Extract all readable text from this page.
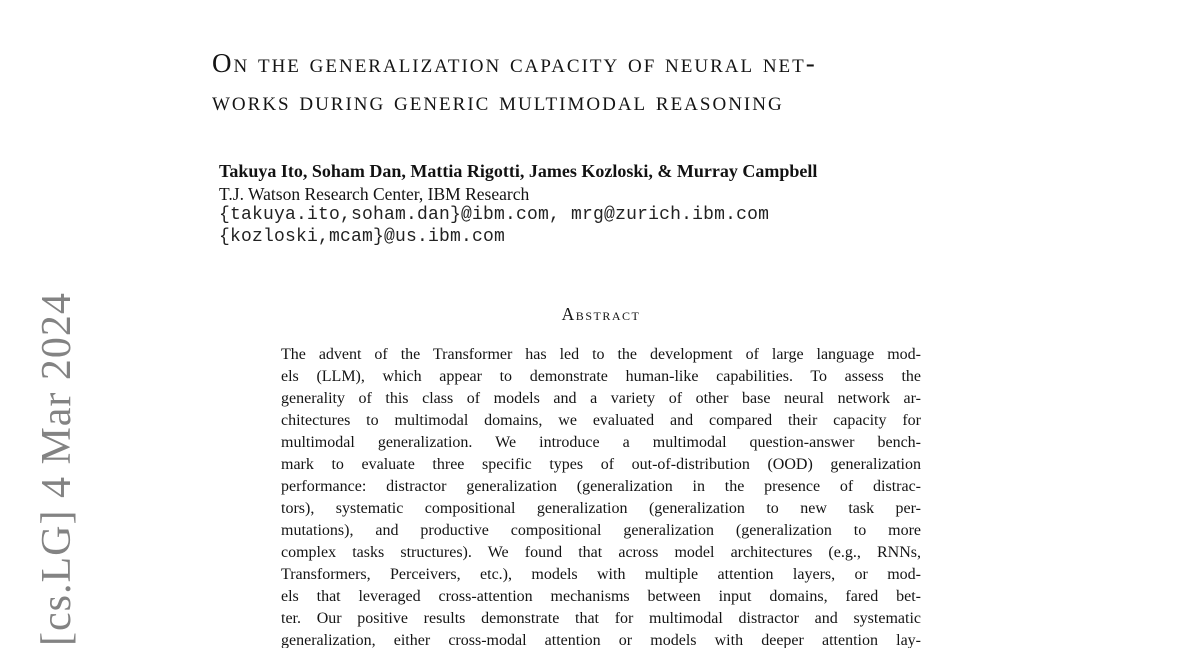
[cs.LG] 4 Mar 2024
On the generalization capacity of neural net-
works during generic multimodal reasoning
Takuya Ito, Soham Dan, Mattia Rigotti, James Kozloski, & Murray Campbell
T.J. Watson Research Center, IBM Research
{takuya.ito,soham.dan}@ibm.com, mrg@zurich.ibm.com
{kozloski,mcam}@us.ibm.com
Abstract
The advent of the Transformer has led to the development of large language mod-
els (LLM), which appear to demonstrate human-like capabilities. To assess the
generality of this class of models and a variety of other base neural network ar-
chitectures to multimodal domains, we evaluated and compared their capacity for
multimodal generalization. We introduce a multimodal question-answer bench-
mark to evaluate three specific types of out-of-distribution (OOD) generalization
performance: distractor generalization (generalization in the presence of distrac-
tors), systematic compositional generalization (generalization to new task per-
mutations), and productive compositional generalization (generalization to more
complex tasks structures). We found that across model architectures (e.g., RNNs,
Transformers, Perceivers, etc.), models with multiple attention layers, or mod-
els that leveraged cross-attention mechanisms between input domains, fared bet-
ter. Our positive results demonstrate that for multimodal distractor and systematic
generalization, either cross-modal attention or models with deeper attention lay-
